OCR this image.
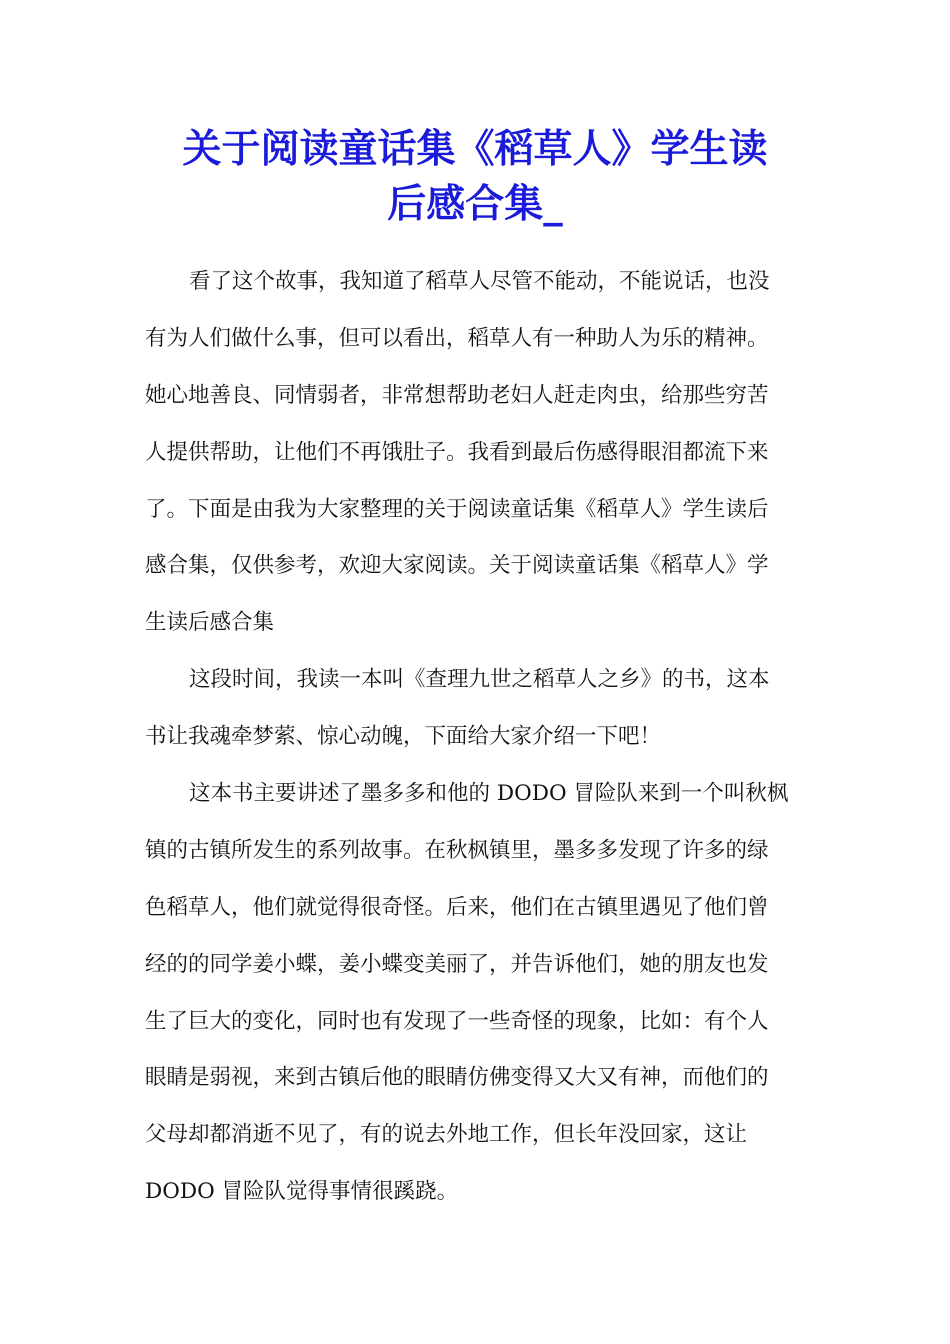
关于阅读童话集《稻草人》学生读
后感合集_
看了这个故事，我知道了稻草人尽管不能动，不能说话，也没
有为人们做什么事，但可以看出，稻草人有一种助人为乐的精神。
她心地善良、同情弱者，非常想帮助老妇人赶走肉虫，给那些穷苦
人提供帮助，让他们不再饿肚子。我看到最后伤感得眼泪都流下来
了。下面是由我为大家整理的关于阅读童话集《稻草人》学生读后
感合集，仅供参考，欢迎大家阅读。关于阅读童话集《稻草人》学
生读后感合集
这段时间，我读一本叫《查理九世之稻草人之乡》的书，这本
书让我魂牵梦萦、惊心动魄，下面给大家介绍一下吧！
这本书主要讲述了墨多多和他的 DODO 冒险队来到一个叫秋枫
镇的古镇所发生的系列故事。在秋枫镇里，墨多多发现了许多的绿
色稻草人，他们就觉得很奇怪。后来，他们在古镇里遇见了他们曾
经的的同学姜小蝶，姜小蝶变美丽了，并告诉他们，她的朋友也发
生了巨大的变化，同时也有发现了一些奇怪的现象，比如：有个人
眼睛是弱视，来到古镇后他的眼睛仿佛变得又大又有神，而他们的
父母却都消逝不见了，有的说去外地工作，但长年没回家，这让
DODO 冒险队觉得事情很蹊跷。
